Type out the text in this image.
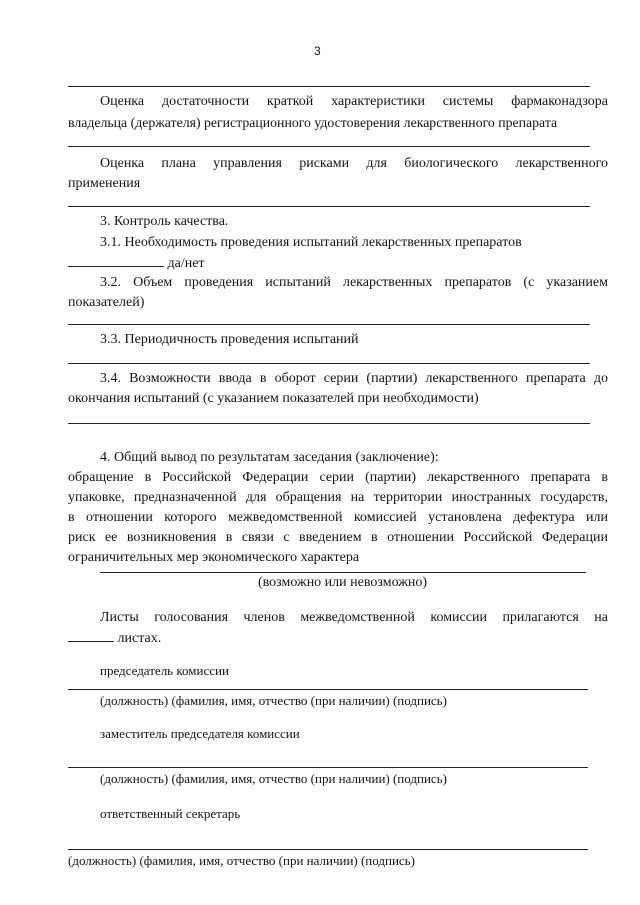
3
Оценка достаточности краткой характеристики системы фармаконадзора
владельца (держателя) регистрационного удостоверения лекарственного препарата
Оценка плана управления рисками для биологического лекарственного
применения
3. Контроль качества.
3.1. Необходимость проведения испытаний лекарственных препаратов
да/нет
3.2. Объем проведения испытаний лекарственных препаратов (с указанием
показателей)
3.3. Периодичность проведения испытаний
3.4. Возможности ввода в оборот серии (партии) лекарственного препарата до
окончания испытаний (с указанием показателей при необходимости)
4. Общий вывод по результатам заседания (заключение):
обращение в Российской Федерации серии (партии) лекарственного препарата в
упаковке, предназначенной для обращения на территории иностранных государств,
в отношении которого межведомственной комиссией установлена дефектура или
риск ее возникновения в связи с введением в отношении Российской Федерации
ограничительных мер экономического характера
(возможно или невозможно)
Листы голосования членов межведомственной комиссии прилагаются на
листах.
председатель комиссии
(должность) (фамилия, имя, отчество (при наличии) (подпись)
заместитель председателя комиссии
(должность) (фамилия, имя, отчество (при наличии) (подпись)
ответственный секретарь
(должность) (фамилия, имя, отчество (при наличии) (подпись)
